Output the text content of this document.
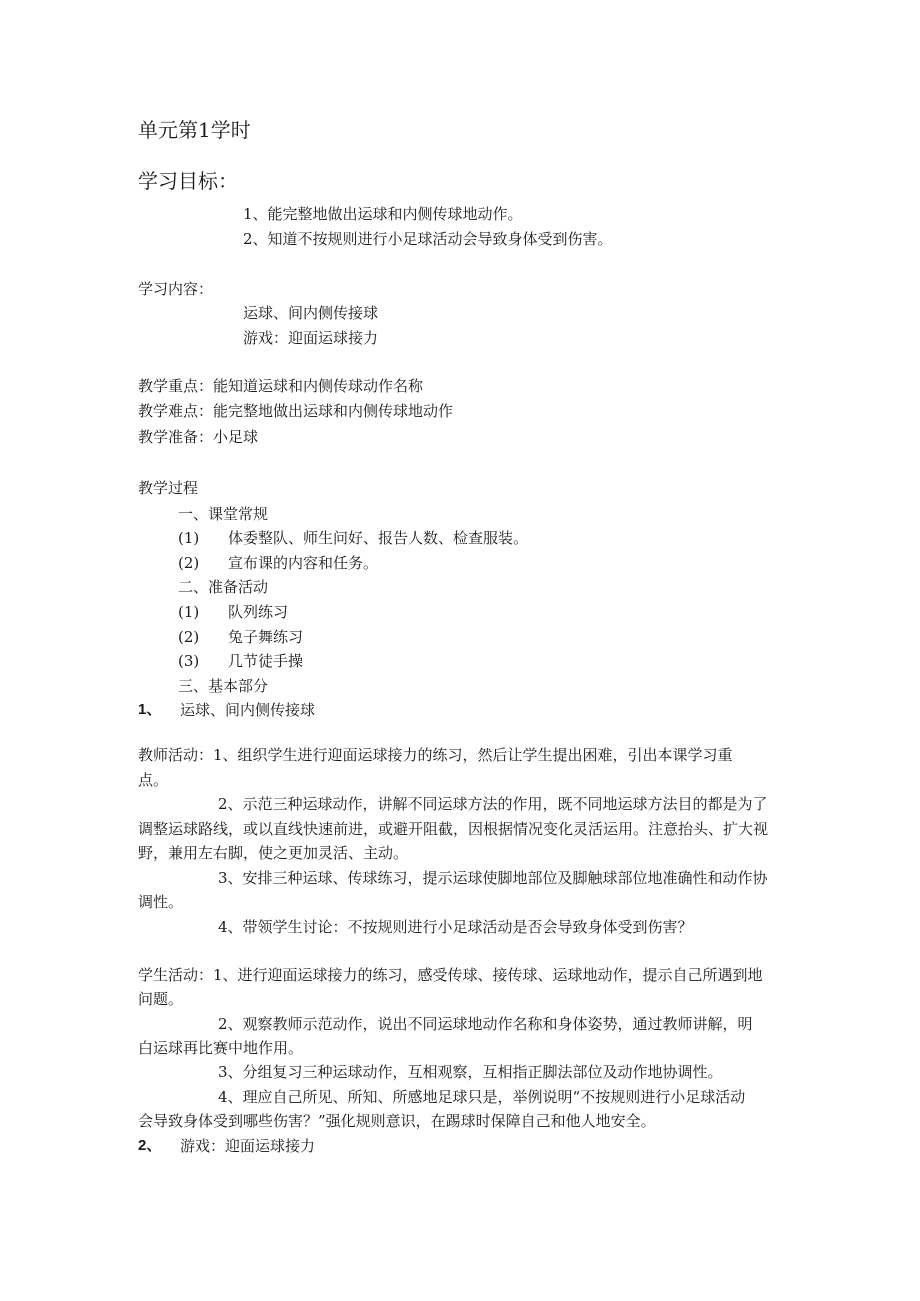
单元第1学时
学习目标：
1、能完整地做出运球和内侧传球地动作。
2、知道不按规则进行小足球活动会导致身体受到伤害。
学习内容：
运球、间内侧传接球
游戏：迎面运球接力
教学重点：能知道运球和内侧传球动作名称
教学难点：能完整地做出运球和内侧传球地动作
教学准备：小足球
教学过程
一、课堂常规
(1) 体委整队、师生问好、报告人数、检查服装。
(2) 宣布课的内容和任务。
二、准备活动
(1) 队列练习
(2) 兔子舞练习
(3) 几节徒手操
三、基本部分
1、 运球、间内侧传接球
教师活动：1、组织学生进行迎面运球接力的练习，然后让学生提出困难，引出本课学习重
点。
2、示范三种运球动作，讲解不同运球方法的作用，既不同地运球方法目的都是为了
调整运球路线，或以直线快速前进，或避开阻截，因根据情况变化灵活运用。注意抬头、扩大视
野，兼用左右脚，使之更加灵活、主动。
3、安排三种运球、传球练习，提示运球使脚地部位及脚触球部位地准确性和动作协
调性。
4、带领学生讨论：不按规则进行小足球活动是否会导致身体受到伤害？
学生活动：1、进行迎面运球接力的练习，感受传球、接传球、运球地动作，提示自己所遇到地
问题。
2、观察教师示范动作，说出不同运球地动作名称和身体姿势，通过教师讲解，明
白运球再比赛中地作用。
3、分组复习三种运球动作，互相观察，互相指正脚法部位及动作地协调性。
4、理应自己所见、所知、所感地足球只是，举例说明“不按规则进行小足球活动
会导致身体受到哪些伤害？”强化规则意识，在踢球时保障自己和他人地安全。
2、 游戏：迎面运球接力
